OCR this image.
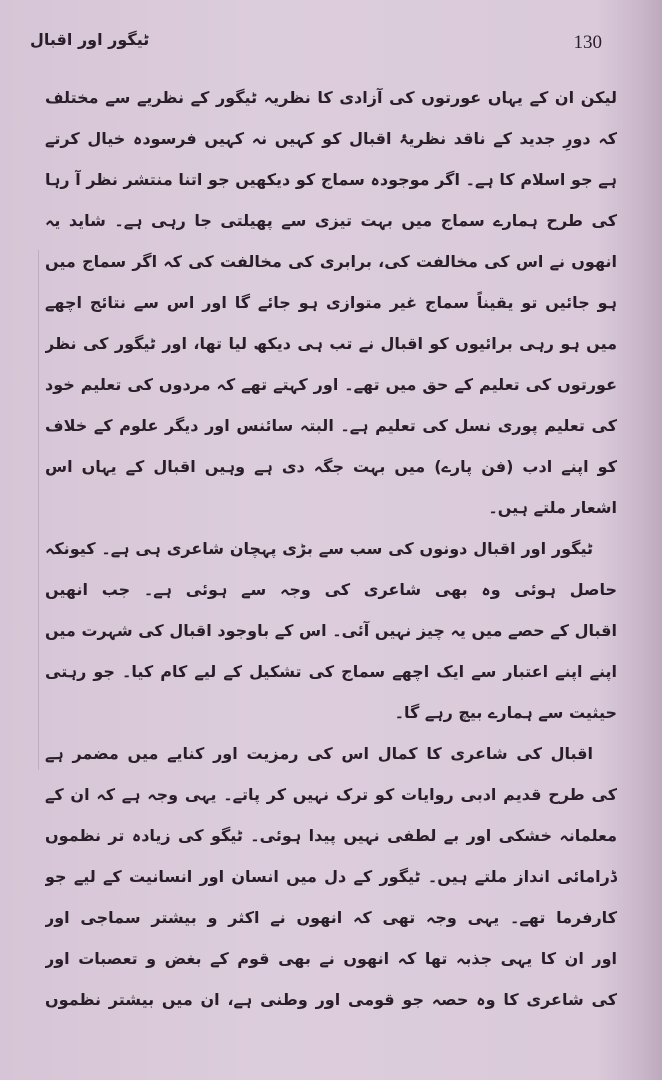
ٹیگور اور اقبال	130
لیکن ان کے یہاں عورتوں کی آزادی کا نظریہ ٹیگور کے نظریے سے مختلف
کہ دورِ جدید کے ناقد نظریۂ اقبال کو کہیں نہ کہیں فرسودہ خیال کرتے
ہے جو اسلام کا ہے۔ اگر موجودہ سماج کو دیکھیں جو اتنا منتشر نظر آ رہا
کی طرح ہمارے سماج میں بہت تیزی سے پھیلتی جا رہی ہے۔ شاید یہ
انھوں نے اس کی مخالفت کی، برابری کی مخالفت کی کہ اگر سماج میں
ہو جائیں تو یقیناً سماج غیر متوازی ہو جائے گا اور اس سے نتائج اچھے
میں ہو رہی برائیوں کو اقبال نے تب ہی دیکھ لیا تھا، اور ٹیگور کی نظر
عورتوں کی تعلیم کے حق میں تھے۔ اور کہتے تھے کہ مردوں کی تعلیم خود
کی تعلیم پوری نسل کی تعلیم ہے۔ البتہ سائنس اور دیگر علوم کے خلاف
کو اپنے ادب (فن پارے) میں بہت جگہ دی ہے وہیں اقبال کے یہاں اس
اشعار ملتے ہیں۔
ٹیگور اور اقبال دونوں کی سب سے بڑی پہچان شاعری ہی ہے۔ کیونکہ
حاصل ہوئی وہ بھی شاعری کی وجہ سے ہوئی ہے۔ جب انھیں
اقبال کے حصے میں یہ چیز نہیں آئی۔ اس کے باوجود اقبال کی شہرت میں
اپنے اپنے اعتبار سے ایک اچھے سماج کی تشکیل کے لیے کام کیا۔ جو رہتی
حیثیت سے ہمارے بیچ رہے گا۔
اقبال کی شاعری کا کمال اس کی رمزیت اور کنایے میں مضمر ہے
کی طرح قدیم ادبی روایات کو ترک نہیں کر پاتے۔ یہی وجہ ہے کہ ان کے
معلمانہ خشکی اور بے لطفی نہیں پیدا ہوئی۔ ٹیگو کی زیادہ تر نظموں
ڈرامائی انداز ملتے ہیں۔ ٹیگور کے دل میں انسان اور انسانیت کے لیے جو
کارفرما تھے۔ یہی وجہ تھی کہ انھوں نے اکثر و بیشتر سماجی اور
اور ان کا یہی جذبہ تھا کہ انھوں نے بھی قوم کے بغض و تعصبات اور
کی شاعری کا وہ حصہ جو قومی اور وطنی ہے، ان میں بیشتر نظموں
